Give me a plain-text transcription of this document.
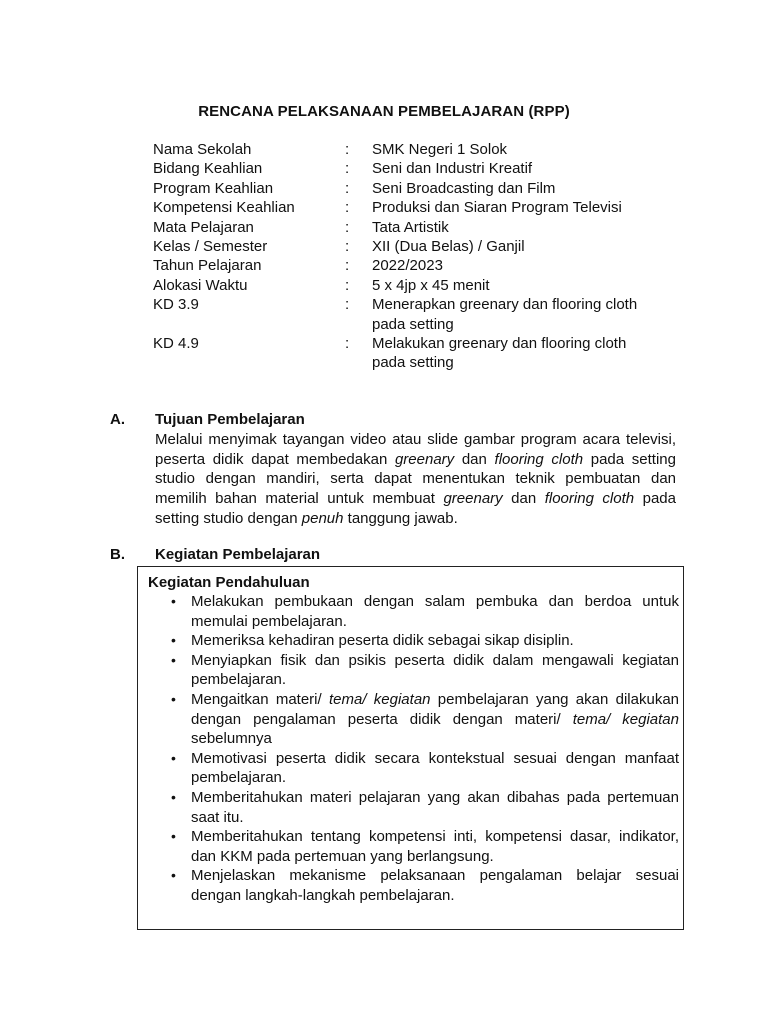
RENCANA PELAKSANAAN PEMBELAJARAN (RPP)
Nama Sekolah	: SMK Negeri 1 Solok
Bidang Keahlian	: Seni dan Industri Kreatif
Program Keahlian	: Seni Broadcasting dan Film
Kompetensi Keahlian	: Produksi dan Siaran Program Televisi
Mata Pelajaran	: Tata Artistik
Kelas / Semester	: XII (Dua Belas) / Ganjil
Tahun Pelajaran	: 2022/2023
Alokasi Waktu	: 5 x 4jp x 45 menit
KD 3.9	: Menerapkan greenary dan flooring cloth pada setting
KD 4.9	: Melakukan greenary dan flooring cloth pada setting
A. Tujuan Pembelajaran

Melalui menyimak tayangan video atau slide gambar program acara televisi, peserta didik dapat membedakan greenary dan flooring cloth pada setting studio dengan mandiri, serta dapat menentukan teknik pembuatan dan memilih bahan material untuk membuat greenary dan flooring cloth pada setting studio dengan penuh tanggung jawab.

B. Kegiatan Pembelajaran
Kegiatan Pendahuluan
• Melakukan pembukaan dengan salam pembuka dan berdoa untuk memulai pembelajaran.
• Memeriksa kehadiran peserta didik sebagai sikap disiplin.
• Menyiapkan fisik dan psikis peserta didik dalam mengawali kegiatan pembelajaran.
• Mengaitkan materi/ tema/ kegiatan pembelajaran yang akan dilakukan dengan pengalaman peserta didik dengan materi/ tema/ kegiatan sebelumnya
• Memotivasi peserta didik secara kontekstual sesuai dengan manfaat pembelajaran.
• Memberitahukan materi pelajaran yang akan dibahas pada pertemuan saat itu.
• Memberitahukan tentang kompetensi inti, kompetensi dasar, indikator, dan KKM pada pertemuan yang berlangsung.
• Menjelaskan mekanisme pelaksanaan pengalaman belajar sesuai dengan langkah-langkah pembelajaran.
